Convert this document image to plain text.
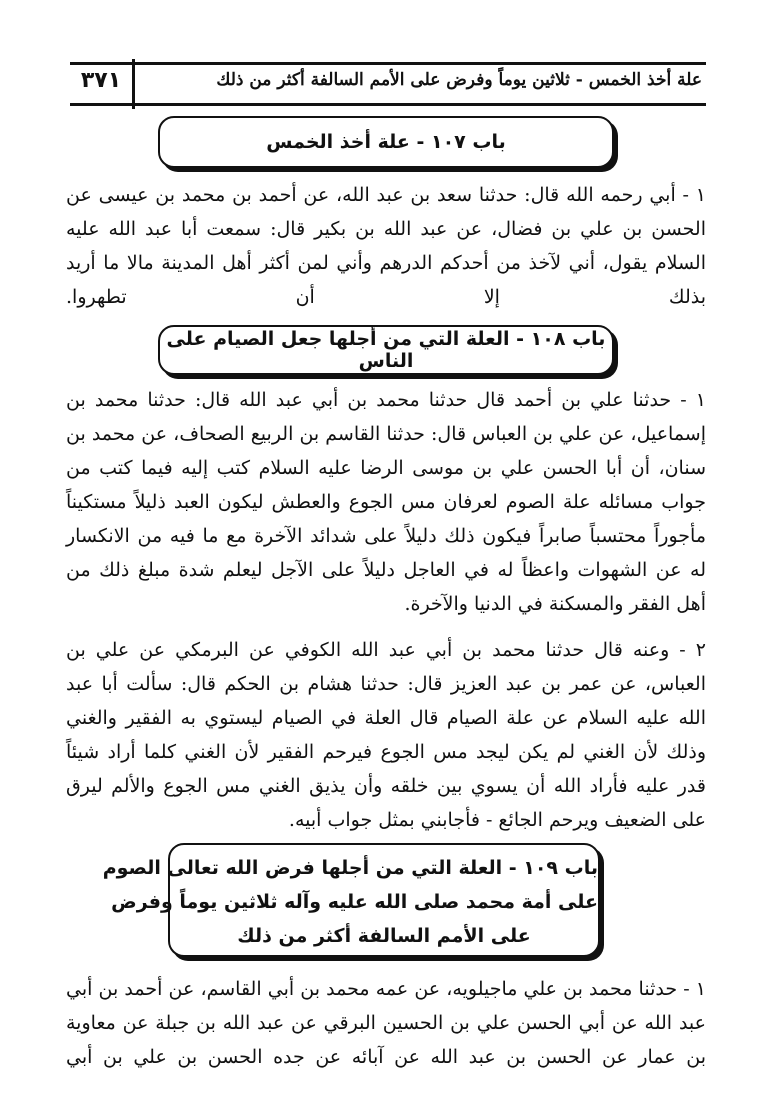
علة أخذ الخمس - ثلاثين يوماً وفرض على الأمم السالفة أكثر من ذلك
٣٧١
باب ١٠٧ - علة أخذ الخمس
١ - أبي رحمه الله قال: حدثنا سعد بن عبد الله، عن أحمد بن محمد بن عيسى عن الحسن بن علي بن فضال، عن عبد الله بن بكير قال: سمعت أبا عبد الله عليه السلام يقول، أني لآخذ من أحدكم الدرهم وأني لمن أكثر أهل المدينة مالا ما أريد بذلك إلا أن تطهروا.
باب ١٠٨ - العلة التي من أجلها جعل الصيام على الناس
١ - حدثنا علي بن أحمد قال حدثنا محمد بن أبي عبد الله قال: حدثنا محمد بن إسماعيل، عن علي بن العباس قال: حدثنا القاسم بن الربيع الصحاف، عن محمد بن سنان، أن أبا الحسن علي بن موسى الرضا عليه السلام كتب إليه فيما كتب من جواب مسائله علة الصوم لعرفان مس الجوع والعطش ليكون العبد ذليلاً مستكيناً مأجوراً محتسباً صابراً فيكون ذلك دليلاً على شدائد الآخرة مع ما فيه من الانكسار له عن الشهوات واعظاً له في العاجل دليلاً على الآجل ليعلم شدة مبلغ ذلك من أهل الفقر والمسكنة في الدنيا والآخرة.
٢ - وعنه قال حدثنا محمد بن أبي عبد الله الكوفي عن البرمكي عن علي بن العباس، عن عمر بن عبد العزيز قال: حدثنا هشام بن الحكم قال: سألت أبا عبد الله عليه السلام عن علة الصيام قال العلة في الصيام ليستوي به الفقير والغني وذلك لأن الغني لم يكن ليجد مس الجوع فيرحم الفقير لأن الغني كلما أراد شيئاً قدر عليه فأراد الله أن يسوي بين خلقه وأن يذيق الغني مس الجوع والألم ليرق على الضعيف ويرحم الجائع - فأجابني بمثل جواب أبيه.
باب ١٠٩ - العلة التي من أجلها فرض الله تعالى الصوم
على أمة محمد صلى الله عليه وآله ثلاثين يوماً وفرض
على الأمم السالفة أكثر من ذلك
١ - حدثنا محمد بن علي ماجيلويه، عن عمه محمد بن أبي القاسم، عن أحمد بن أبي عبد الله عن أبي الحسن علي بن الحسين البرقي عن عبد الله بن جبلة عن معاوية بن عمار عن الحسن بن عبد الله عن آبائه عن جده الحسن بن علي بن أبي
